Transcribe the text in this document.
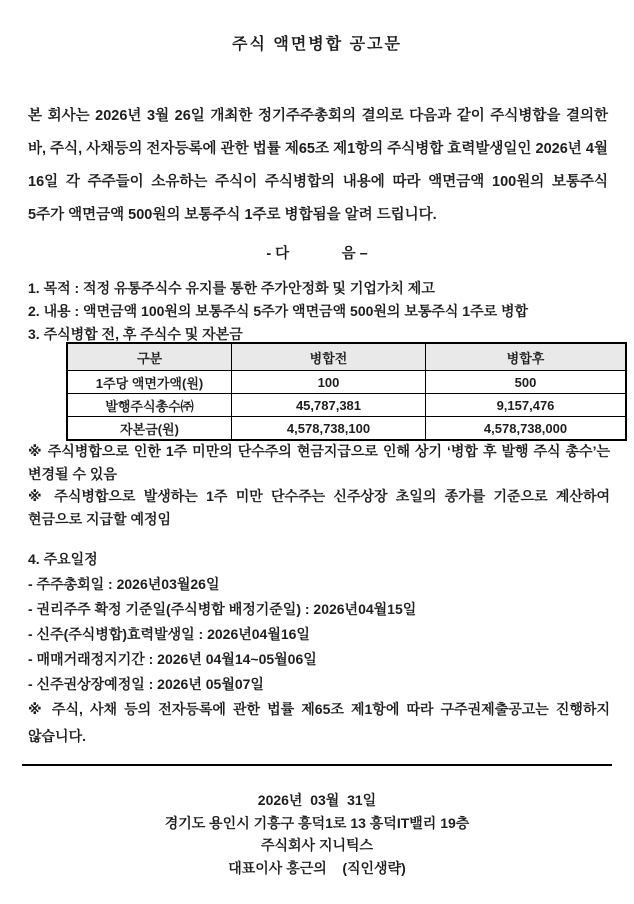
주식 액면병합 공고문
본 회사는 2026년 3월 26일 개최한 정기주주총회의 결의로 다음과 같이 주식병합을 결의한 바, 주식, 사채등의 전자등록에 관한 법률 제65조 제1항의 주식병합 효력발생일인 2026년 4월 16일 각 주주들이 소유하는 주식이 주식병합의 내용에 따라 액면금액 100원의 보통주식 5주가 액면금액 500원의 보통주식 1주로 병합됨을 알려 드립니다.
- 다             음 –
1. 목적 : 적정 유통주식수 유지를 통한 주가안정화 및 기업가치 제고
2. 내용 : 액면금액 100원의 보통주식 5주가 액면금액 500원의 보통주식 1주로 병합
3. 주식병합 전, 후 주식수 및 자본금
구분	병합전	병합후
1주당 액면가액(원)	100	500
발행주식총수㈜	45,787,381	9,157,476
자본금(원)	4,578,738,100	4,578,738,000
※ 주식병합으로 인한 1주 미만의 단수주의 현금지급으로 인해 상기 ‘병합 후 발행 주식 총수’는 변경될 수 있음
※ 주식병합으로 발생하는 1주 미만 단수주는 신주상장 초일의 종가를 기준으로 계산하여 현금으로 지급할 예정임
4. 주요일정
- 주주총회일 : 2026년03월26일
- 권리주주 확정 기준일(주식병합 배정기준일) : 2026년04월15일
- 신주(주식병합)효력발생일 : 2026년04월16일
- 매매거래정지기간 : 2026년 04월14~05월06일
- 신주권상장예정일 : 2026년 05월07일
※ 주식, 사채 등의 전자등록에 관한 법률 제65조 제1항에 따라 구주권제출공고는 진행하지 않습니다.
2026년  03월  31일
경기도 용인시 기흥구 흥덕1로 13 흥덕IT밸리 19층
주식회사 지니틱스
대표이사 홍근의    (직인생략)
